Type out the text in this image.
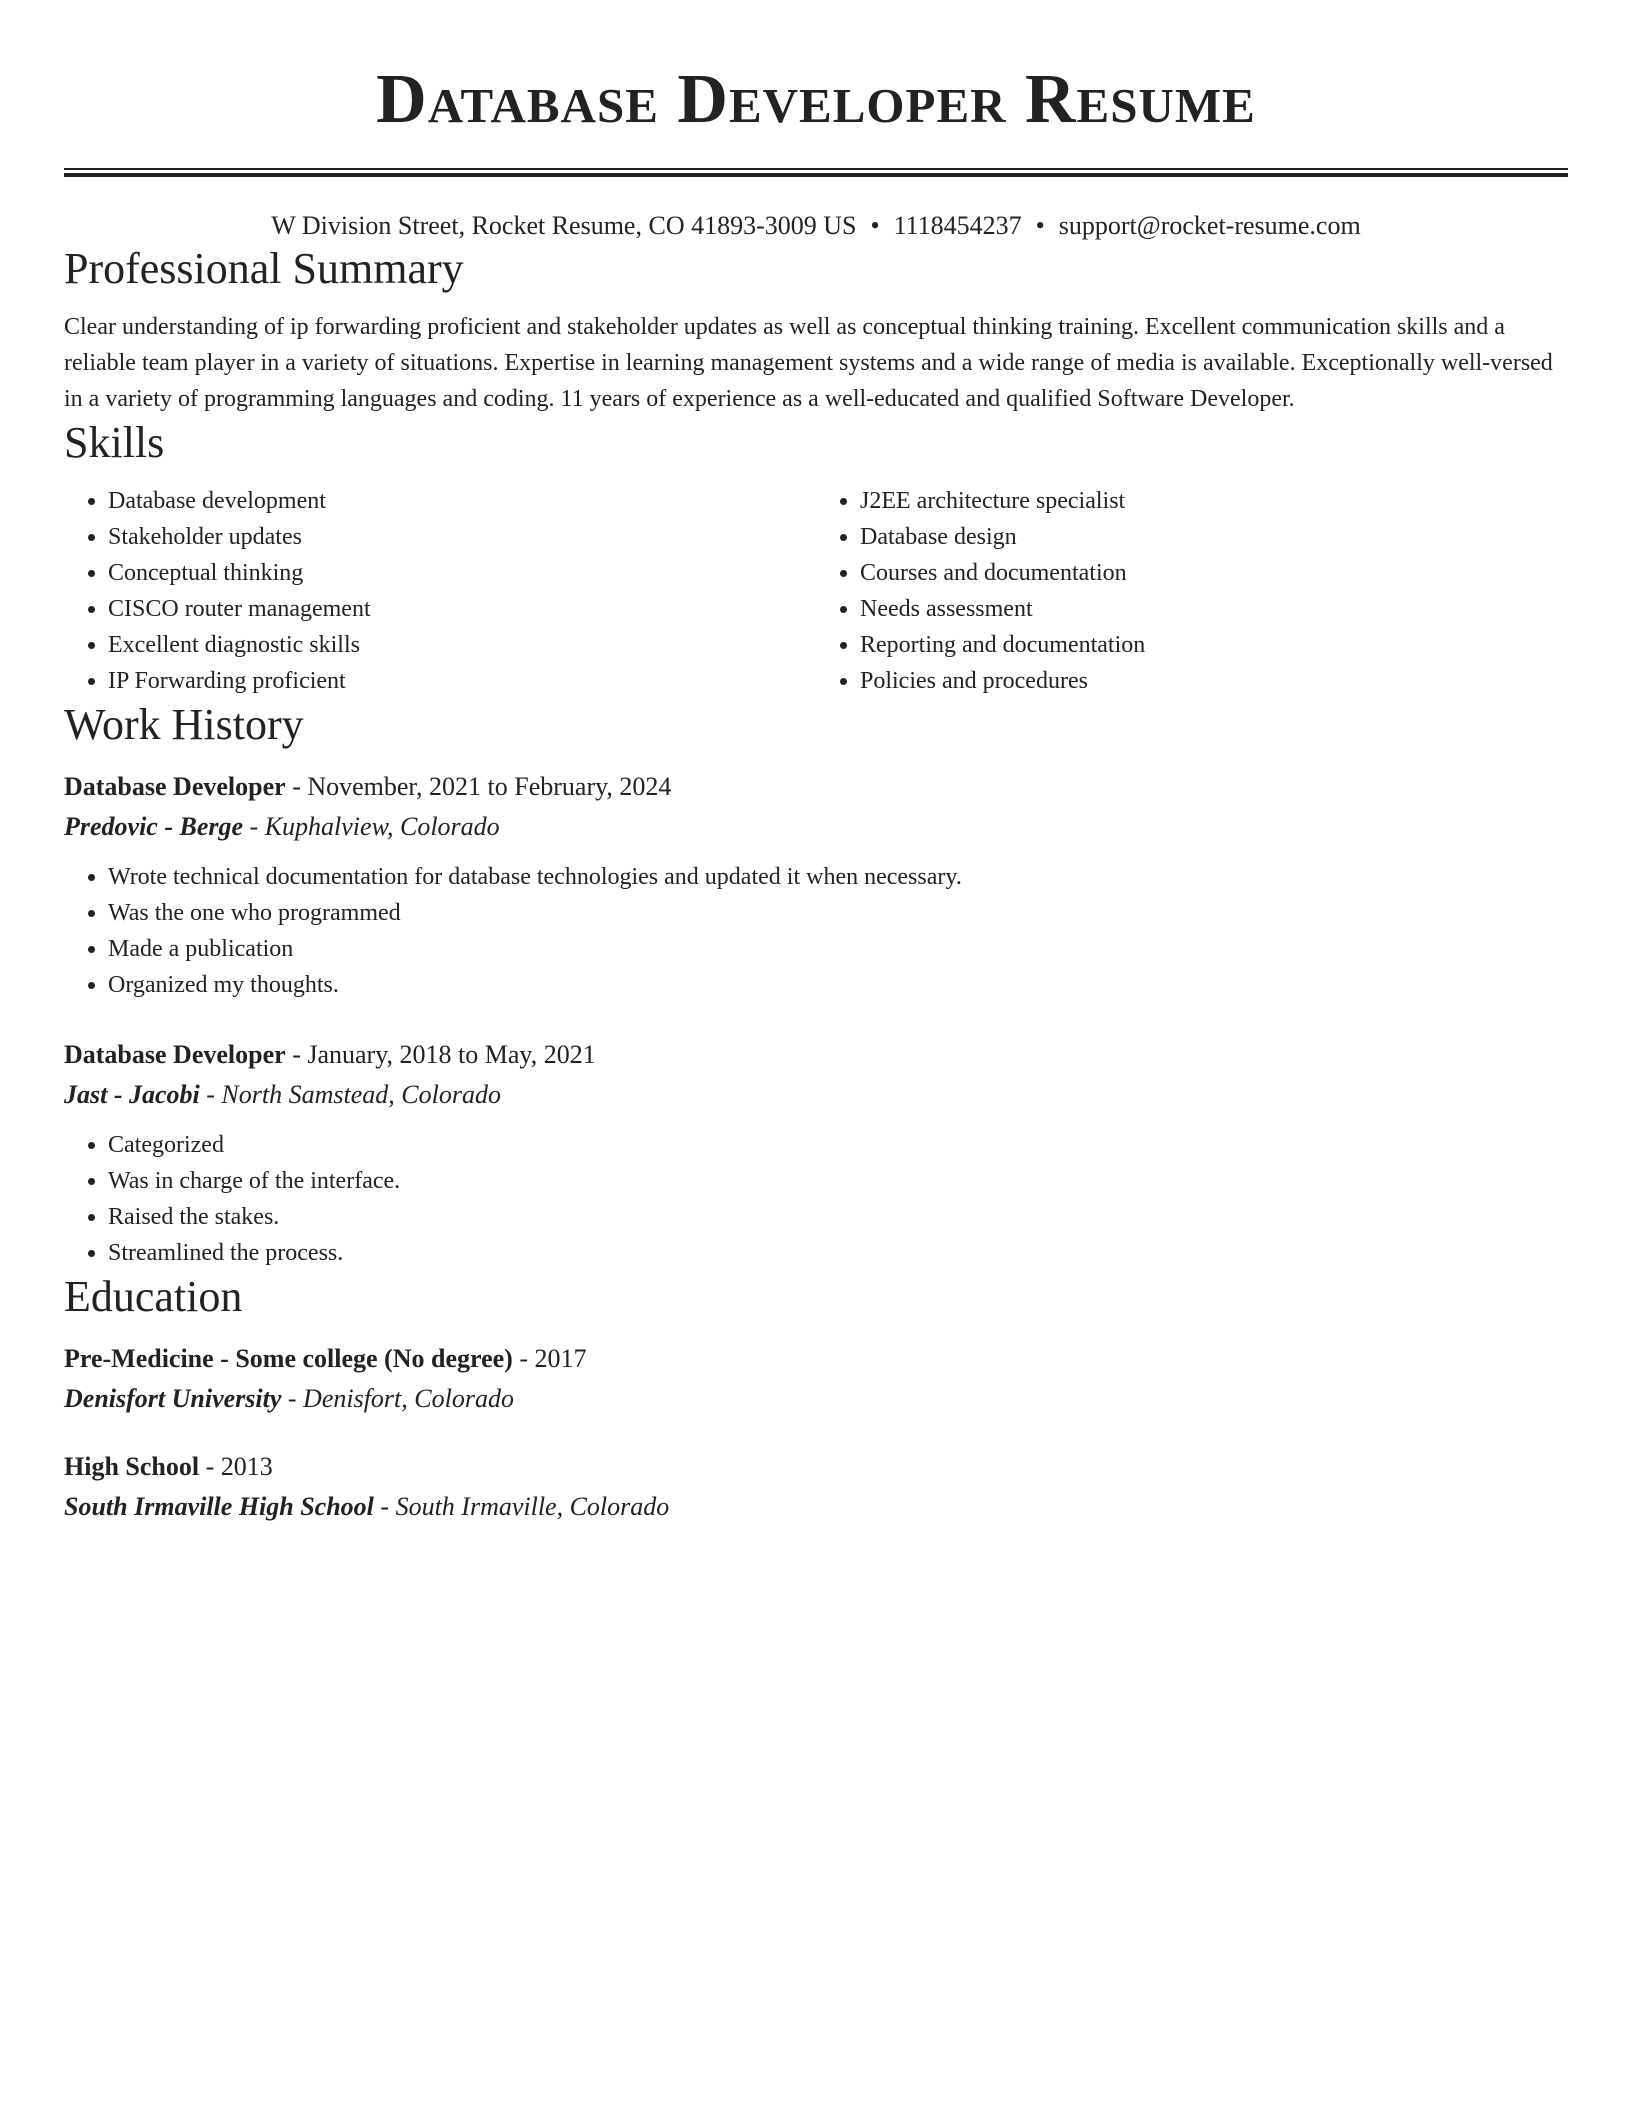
Database Developer Resume
W Division Street, Rocket Resume, CO 41893-3009 US • 1118454237 • support@rocket-resume.com
Professional Summary

Clear understanding of ip forwarding proficient and stakeholder updates as well as conceptual thinking training. Excellent communication skills and a reliable team player in a variety of situations. Expertise in learning management systems and a wide range of media is available. Exceptionally well-versed in a variety of programming languages and coding. 11 years of experience as a well-educated and qualified Software Developer.

Skills
• Database development
• Stakeholder updates
• Conceptual thinking
• CISCO router management
• Excellent diagnostic skills
• IP Forwarding proficient
• J2EE architecture specialist
• Database design
• Courses and documentation
• Needs assessment
• Reporting and documentation
• Policies and procedures
Work History
Database Developer - November, 2021 to February, 2024
Predovic - Berge - Kuphalview, Colorado
• Wrote technical documentation for database technologies and updated it when necessary.
• Was the one who programmed
• Made a publication
• Organized my thoughts.
Database Developer - January, 2018 to May, 2021
Jast - Jacobi - North Samstead, Colorado
• Categorized
• Was in charge of the interface.
• Raised the stakes.
• Streamlined the process.
Education
Pre-Medicine - Some college (No degree) - 2017
Denisfort University - Denisfort, Colorado
High School - 2013
South Irmaville High School - South Irmaville, Colorado
